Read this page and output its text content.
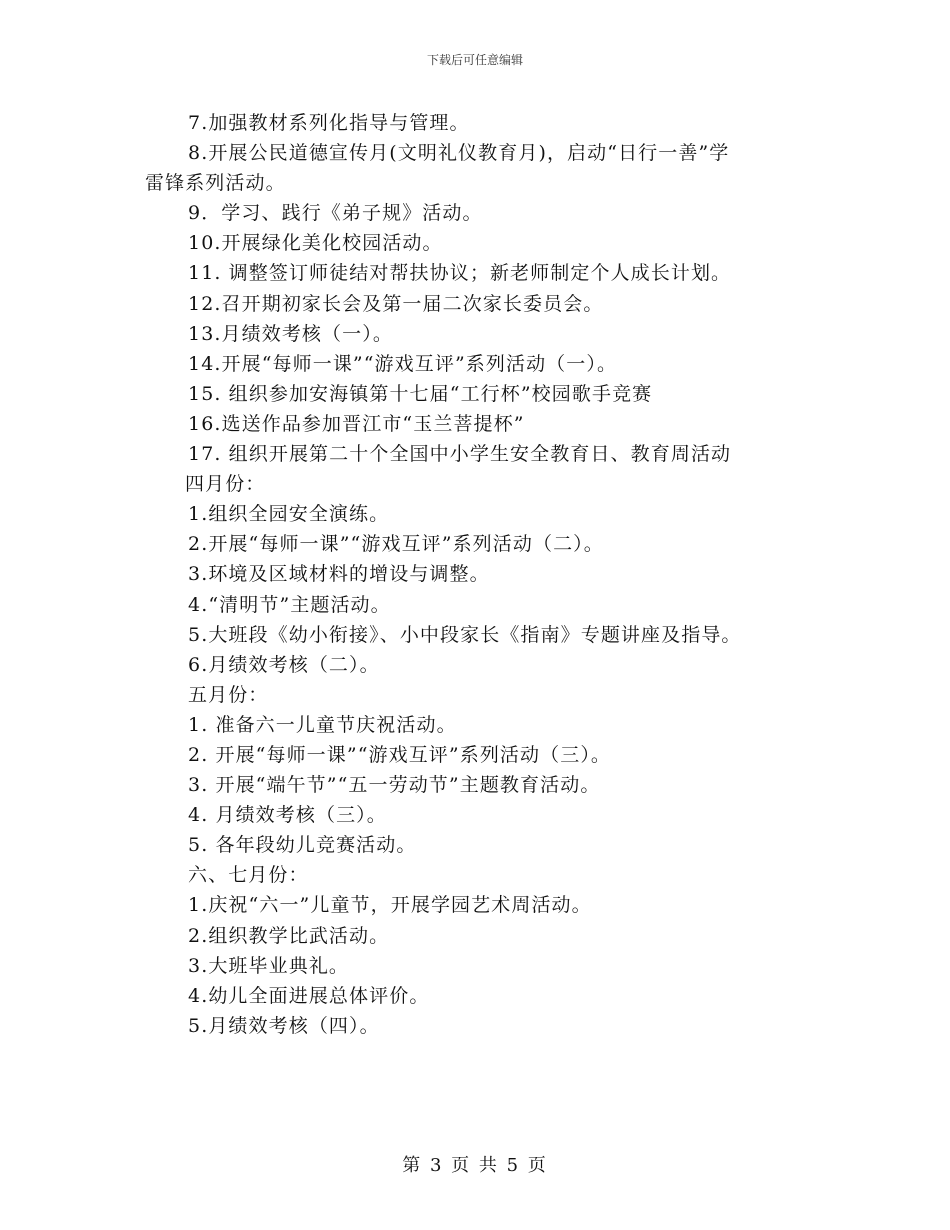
下载后可任意编辑
7.加强教材系列化指导与管理。
8.开展公民道德宣传月(文明礼仪教育月)，启动“日行一善”学
雷锋系列活动。
9．学习、践行《弟子规》活动。
10.开展绿化美化校园活动。
11. 调整签订师徒结对帮扶协议；新老师制定个人成长计划。
12.召开期初家长会及第一届二次家长委员会。
13.月绩效考核（一）。
14.开展“每师一课”“游戏互评”系列活动（一）。
15. 组织参加安海镇第十七届“工行杯”校园歌手竞赛
16.选送作品参加晋江市“玉兰菩提杯”
17. 组织开展第二十个全国中小学生安全教育日、教育周活动
四月份：
1.组织全园安全演练。
2.开展“每师一课”“游戏互评”系列活动（二）。
3.环境及区域材料的增设与调整。
4.“清明节”主题活动。
5.大班段《幼小衔接》、小中段家长《指南》专题讲座及指导。
6.月绩效考核（二）。
五月份：
1. 准备六一儿童节庆祝活动。
2. 开展“每师一课”“游戏互评”系列活动（三）。
3. 开展“端午节”“五一劳动节”主题教育活动。
4. 月绩效考核（三）。
5. 各年段幼儿竞赛活动。
六、七月份：
1.庆祝“六一”儿童节，开展学园艺术周活动。
2.组织教学比武活动。
3.大班毕业典礼。
4.幼儿全面进展总体评价。
5.月绩效考核（四）。
第 3 页 共 5 页
